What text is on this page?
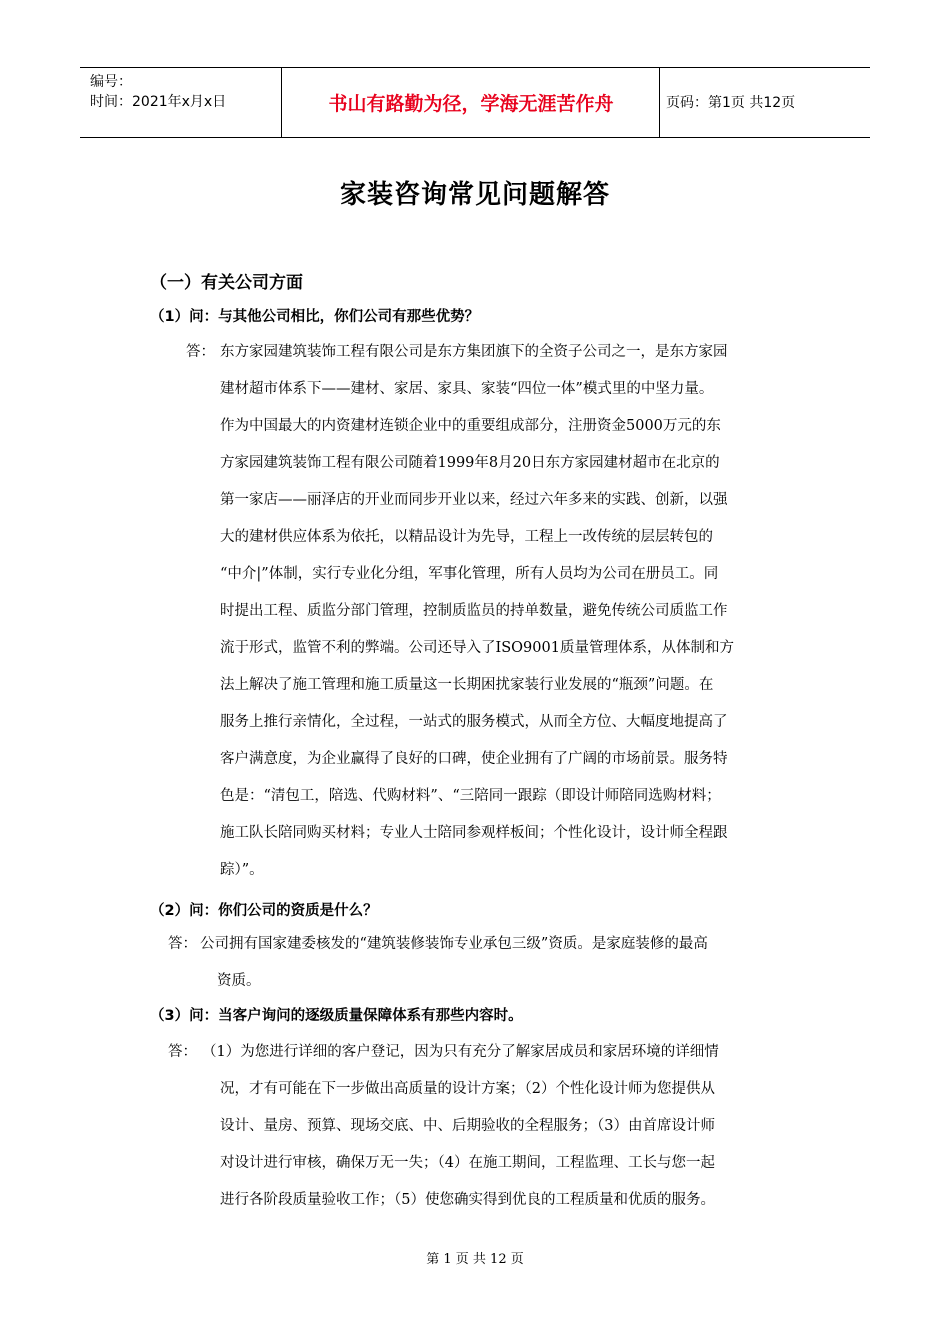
编号：
时间：2021年x月x日	书山有路勤为径，学海无涯苦作舟	页码：第1页 共12页
家装咨询常见问题解答
（一）有关公司方面
（1）问：与其他公司相比，你们公司有那些优势？
答： 东方家园建筑装饰工程有限公司是东方集团旗下的全资子公司之一，是东方家园
建材超市体系下——建材、家居、家具、家装“四位一体”模式里的中坚力量。
作为中国最大的内资建材连锁企业中的重要组成部分，注册资金5000万元的东
方家园建筑装饰工程有限公司随着1999年8月20日东方家园建材超市在北京的
第一家店——丽泽店的开业而同步开业以来，经过六年多来的实践、创新，以强
大的建材供应体系为依托，以精品设计为先导，工程上一改传统的层层转包的
“中介|”体制，实行专业化分组，军事化管理，所有人员均为公司在册员工。同
时提出工程、质监分部门管理，控制质监员的持单数量，避免传统公司质监工作
流于形式，监管不利的弊端。公司还导入了ISO9001质量管理体系，从体制和方
法上解决了施工管理和施工质量这一长期困扰家装行业发展的“瓶颈”问题。在
服务上推行亲情化，全过程，一站式的服务模式，从而全方位、大幅度地提高了
客户满意度，为企业赢得了良好的口碑，使企业拥有了广阔的市场前景。服务特
色是：“清包工，陪选、代购材料”、“三陪同一跟踪（即设计师陪同选购材料；
施工队长陪同购买材料；专业人士陪同参观样板间；个性化设计，设计师全程跟
踪）”。
（2）问：你们公司的资质是什么？
答： 公司拥有国家建委核发的“建筑装修装饰专业承包三级”资质。是家庭装修的最高
资质。
（3）问：当客户询问的逐级质量保障体系有那些内容时。
答： （1）为您进行详细的客户登记，因为只有充分了解家居成员和家居环境的详细情
况，才有可能在下一步做出高质量的设计方案；（2）个性化设计师为您提供从
设计、量房、预算、现场交底、中、后期验收的全程服务；（3）由首席设计师
对设计进行审核，确保万无一失；（4）在施工期间，工程监理、工长与您一起
进行各阶段质量验收工作；（5）使您确实得到优良的工程质量和优质的服务。
第 1 页 共 12 页
